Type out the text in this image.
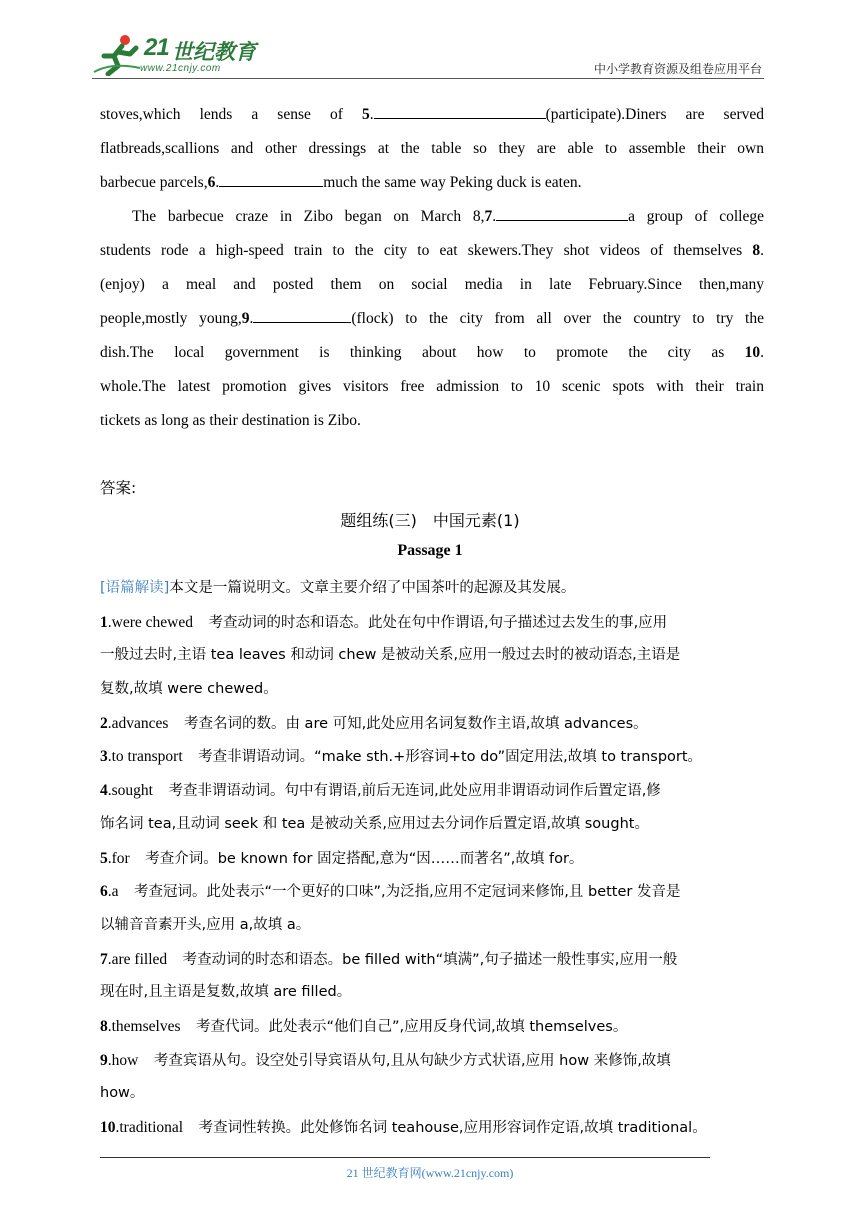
21 世纪教育
www.21cnjy.com	中小学教育资源及组卷应用平台
stoves,which lends a sense of 5.	(participate).Diners are served
flatbreads,scallions and other dressings at the table so they are able to assemble their own
barbecue parcels,6.	much the same way Peking duck is eaten.
The barbecue craze in Zibo began on March 8,7.	a group of college
students rode a high-speed train to the city to eat skewers.They shot videos of themselves 8.
(enjoy) a meal and posted them on social media in late February.Since then,many
people,mostly young,9.	(flock) to the city from all over the country to try the
dish.The local government is thinking about how to promote the city as 10.
whole.The latest promotion gives visitors free admission to 10 scenic spots with their train
tickets as long as their destination is Zibo.
答案:
题组练(三)　中国元素(1)
Passage 1
[语篇解读]本文是一篇说明文。文章主要介绍了中国茶叶的起源及其发展。
1.were chewed　 考查动词的时态和语态。此处在句中作谓语,句子描述过去发生的事,应用
一般过去时,主语 tea leaves 和动词 chew 是被动关系,应用一般过去时的被动语态,主语是
复数,故填 were chewed。
2.advances　 考查名词的数。由 are 可知,此处应用名词复数作主语,故填 advances。
3.to transport　 考查非谓语动词。“make sth.+形容词+to do”固定用法,故填 to transport。
4.sought　 考查非谓语动词。句中有谓语,前后无连词,此处应用非谓语动词作后置定语,修
饰名词 tea,且动词 seek 和 tea 是被动关系,应用过去分词作后置定语,故填 sought。
5.for　 考查介词。be known for 固定搭配,意为“因……而著名”,故填 for。
6.a　 考查冠词。此处表示“一个更好的口味”,为泛指,应用不定冠词来修饰,且 better 发音是
以辅音音素开头,应用 a,故填 a。
7.are filled　 考查动词的时态和语态。be filled with“填满”,句子描述一般性事实,应用一般
现在时,且主语是复数,故填 are filled。
8.themselves　 考查代词。此处表示“他们自己”,应用反身代词,故填 themselves。
9.how　 考查宾语从句。设空处引导宾语从句,且从句缺少方式状语,应用 how 来修饰,故填
how。
10.traditional　 考查词性转换。此处修饰名词 teahouse,应用形容词作定语,故填 traditional。
21 世纪教育网(www.21cnjy.com)
